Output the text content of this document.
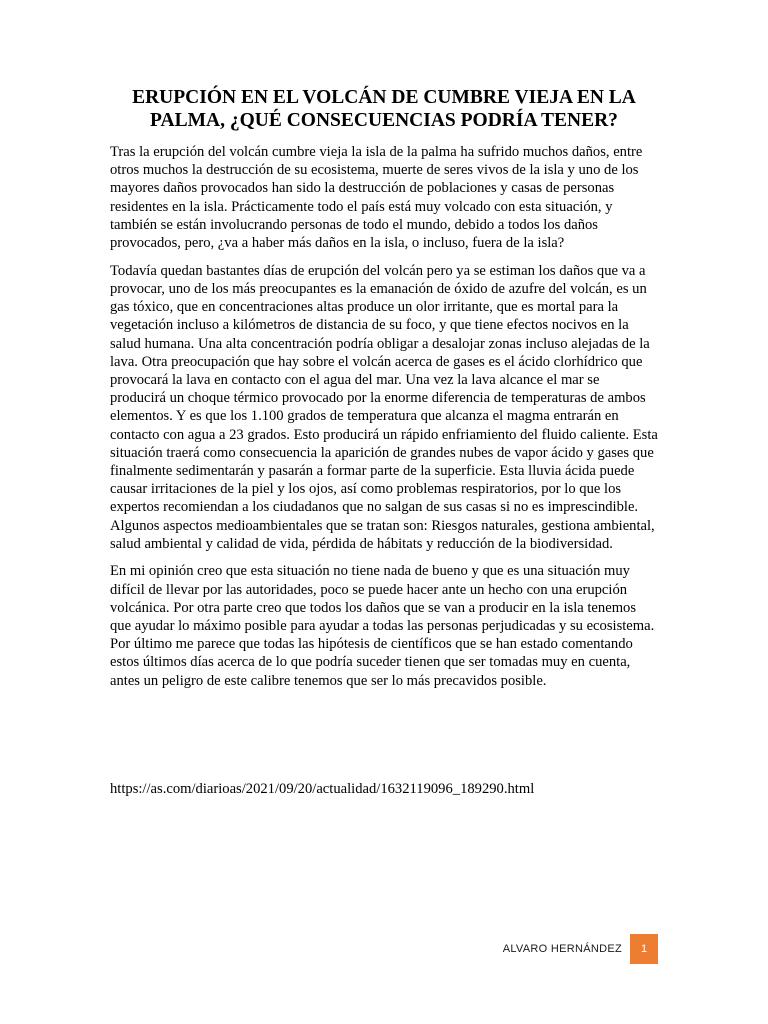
ERUPCIÓN EN EL VOLCÁN DE CUMBRE VIEJA EN LA PALMA, ¿QUÉ CONSECUENCIAS PODRÍA TENER?

Tras la erupción del volcán cumbre vieja la isla de la palma ha sufrido muchos daños, entre otros muchos la destrucción de su ecosistema, muerte de seres vivos de la isla y uno de los mayores daños provocados han sido la destrucción de poblaciones y casas de personas residentes en la isla. Prácticamente todo el país está muy volcado con esta situación, y también se están involucrando personas de todo el mundo, debido a todos los daños provocados, pero, ¿va a haber más daños en la isla, o incluso, fuera de la isla?

Todavía quedan bastantes días de erupción del volcán pero ya se estiman los daños que va a provocar, uno de los más preocupantes es la emanación de óxido de azufre del volcán, es un gas tóxico, que en concentraciones altas produce un olor irritante, que es mortal para la vegetación incluso a kilómetros de distancia de su foco, y que tiene efectos nocivos en la salud humana. Una alta concentración podría obligar a desalojar zonas incluso alejadas de la lava. Otra preocupación que hay sobre el volcán acerca de gases es el ácido clorhídrico que provocará la lava en contacto con el agua del mar. Una vez la lava alcance el mar se producirá un choque térmico provocado por la enorme diferencia de temperaturas de ambos elementos. Y es que los 1.100 grados de temperatura que alcanza el magma entrarán en contacto con agua a 23 grados. Esto producirá un rápido enfriamiento del fluido caliente. Esta situación traerá como consecuencia la aparición de grandes nubes de vapor ácido y gases que finalmente sedimentarán y pasarán a formar parte de la superficie. Esta lluvia ácida puede causar irritaciones de la piel y los ojos, así como problemas respiratorios, por lo que los expertos recomiendan a los ciudadanos que no salgan de sus casas si no es imprescindible. Algunos aspectos medioambientales que se tratan son: Riesgos naturales, gestiona ambiental, salud ambiental y calidad de vida, pérdida de hábitats y reducción de la biodiversidad.

En mi opinión creo que esta situación no tiene nada de bueno y que es una situación muy difícil de llevar por las autoridades, poco se puede hacer ante un hecho con una erupción volcánica. Por otra parte creo que todos los daños que se van a producir en la isla tenemos que ayudar lo máximo posible para ayudar a todas las personas perjudicadas y su ecosistema. Por último me parece que todas las hipótesis de científicos que se han estado comentando estos últimos días acerca de lo que podría suceder tienen que ser tomadas muy en cuenta, antes un peligro de este calibre tenemos que ser lo más precavidos posible.

https://as.com/diarioas/2021/09/20/actualidad/1632119096_189290.html

ALVARO HERNÁNDEZ	1
